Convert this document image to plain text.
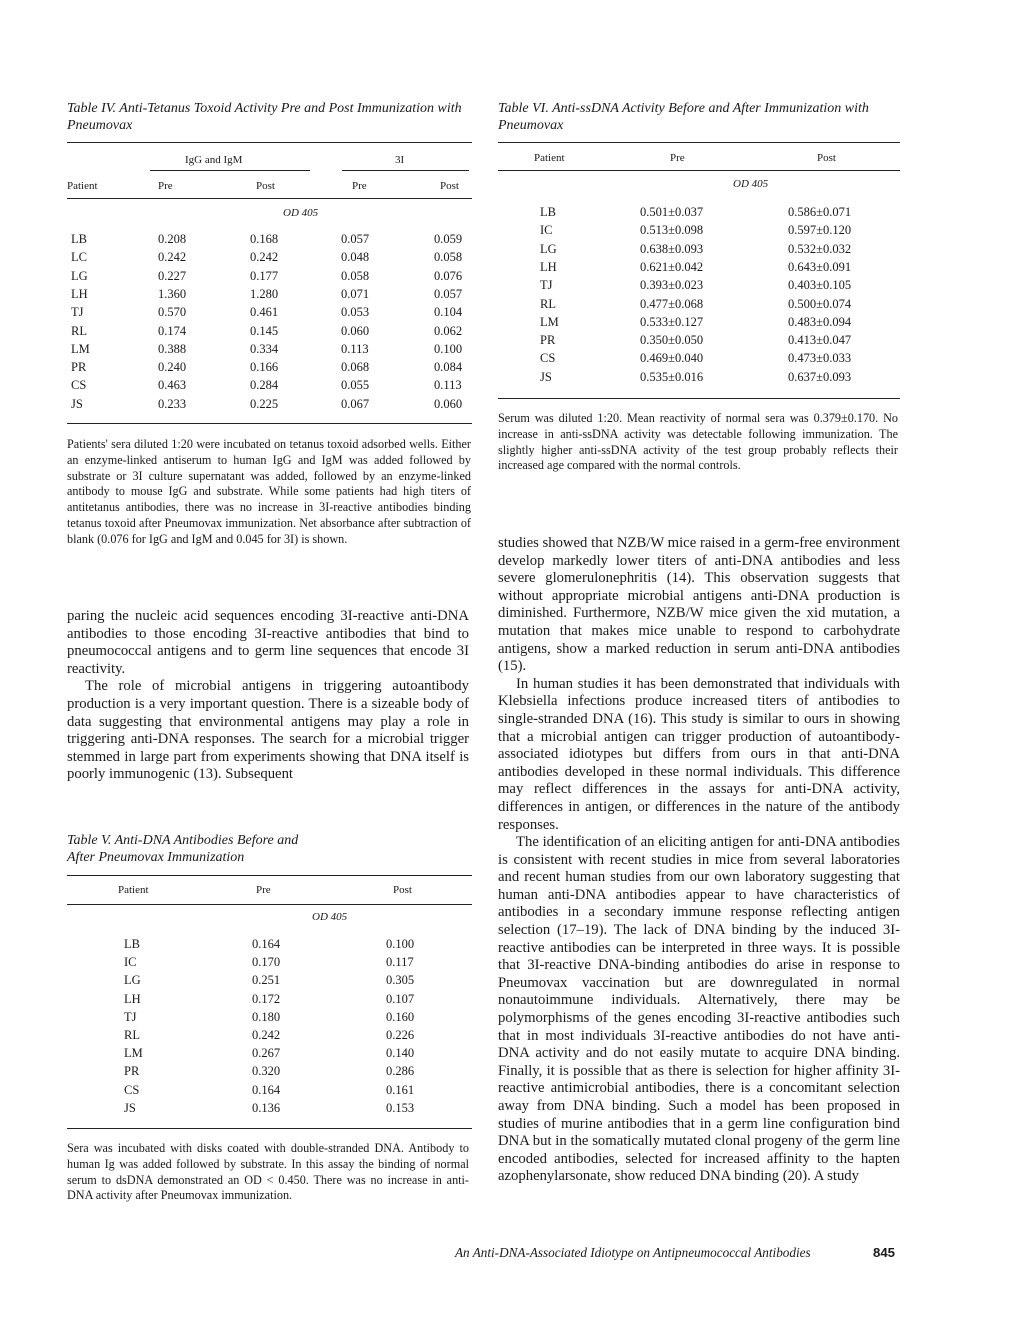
Table IV. Anti-Tetanus Toxoid Activity Pre and Post Immunization with Pneumovax
IgG and IgM	3I
Patient	Pre	Post	Pre	Post
OD 405
LB	0.208	0.168	0.057	0.059
LC	0.242	0.242	0.048	0.058
LG	0.227	0.177	0.058	0.076
LH	1.360	1.280	0.071	0.057
TJ	0.570	0.461	0.053	0.104
RL	0.174	0.145	0.060	0.062
LM	0.388	0.334	0.113	0.100
PR	0.240	0.166	0.068	0.084
CS	0.463	0.284	0.055	0.113
JS	0.233	0.225	0.067	0.060
Patients' sera diluted 1:20 were incubated on tetanus toxoid adsorbed wells. Either an enzyme-linked antiserum to human IgG and IgM was added followed by substrate or 3I culture supernatant was added, followed by an enzyme-linked antibody to mouse IgG and substrate. While some patients had high titers of antitetanus antibodies, there was no increase in 3I-reactive antibodies binding tetanus toxoid after Pneumovax immunization. Net absorbance after subtraction of blank (0.076 for IgG and IgM and 0.045 for 3I) is shown.
Table VI. Anti-ssDNA Activity Before and After Immunization with Pneumovax
Patient	Pre	Post
OD 405
LB	0.501±0.037	0.586±0.071
IC	0.513±0.098	0.597±0.120
LG	0.638±0.093	0.532±0.032
LH	0.621±0.042	0.643±0.091
TJ	0.393±0.023	0.403±0.105
RL	0.477±0.068	0.500±0.074
LM	0.533±0.127	0.483±0.094
PR	0.350±0.050	0.413±0.047
CS	0.469±0.040	0.473±0.033
JS	0.535±0.016	0.637±0.093
Serum was diluted 1:20. Mean reactivity of normal sera was 0.379±0.170. No increase in anti-ssDNA activity was detectable following immunization. The slightly higher anti-ssDNA activity of the test group probably reflects their increased age compared with the normal controls.

paring the nucleic acid sequences encoding 3I-reactive anti-DNA antibodies to those encoding 3I-reactive antibodies that bind to pneumococcal antigens and to germ line sequences that encode 3I reactivity.

The role of microbial antigens in triggering autoantibody production is a very important question. There is a sizeable body of data suggesting that environmental antigens may play a role in triggering anti-DNA responses. The search for a microbial trigger stemmed in large part from experiments showing that DNA itself is poorly immunogenic (13). Subsequent

Table V. Anti-DNA Antibodies Before and After Pneumovax Immunization
Patient	Pre	Post
OD 405
LB	0.164	0.100
IC	0.170	0.117
LG	0.251	0.305
LH	0.172	0.107
TJ	0.180	0.160
RL	0.242	0.226
LM	0.267	0.140
PR	0.320	0.286
CS	0.164	0.161
JS	0.136	0.153
Sera was incubated with disks coated with double-stranded DNA. Antibody to human Ig was added followed by substrate. In this assay the binding of normal serum to dsDNA demonstrated an OD < 0.450. There was no increase in anti-DNA activity after Pneumovax immunization.

studies showed that NZB/W mice raised in a germ-free environment develop markedly lower titers of anti-DNA antibodies and less severe glomerulonephritis (14). This observation suggests that without appropriate microbial antigens anti-DNA production is diminished. Furthermore, NZB/W mice given the xid mutation, a mutation that makes mice unable to respond to carbohydrate antigens, show a marked reduction in serum anti-DNA antibodies (15).

In human studies it has been demonstrated that individuals with Klebsiella infections produce increased titers of antibodies to single-stranded DNA (16). This study is similar to ours in showing that a microbial antigen can trigger production of autoantibody-associated idiotypes but differs from ours in that anti-DNA antibodies developed in these normal individuals. This difference may reflect differences in the assays for anti-DNA activity, differences in antigen, or differences in the nature of the antibody responses.

The identification of an eliciting antigen for anti-DNA antibodies is consistent with recent studies in mice from several laboratories and recent human studies from our own laboratory suggesting that human anti-DNA antibodies appear to have characteristics of antibodies in a secondary immune response reflecting antigen selection (17–19). The lack of DNA binding by the induced 3I-reactive antibodies can be interpreted in three ways. It is possible that 3I-reactive DNA-binding antibodies do arise in response to Pneumovax vaccination but are downregulated in normal nonautoimmune individuals. Alternatively, there may be polymorphisms of the genes encoding 3I-reactive antibodies such that in most individuals 3I-reactive antibodies do not have anti-DNA activity and do not easily mutate to acquire DNA binding. Finally, it is possible that as there is selection for higher affinity 3I-reactive antimicrobial antibodies, there is a concomitant selection away from DNA binding. Such a model has been proposed in studies of murine antibodies that in a germ line configuration bind DNA but in the somatically mutated clonal progeny of the germ line encoded antibodies, selected for increased affinity to the hapten azophenylarsonate, show reduced DNA binding (20). A study

An Anti-DNA-Associated Idiotype on Antipneumococcal Antibodies	845
